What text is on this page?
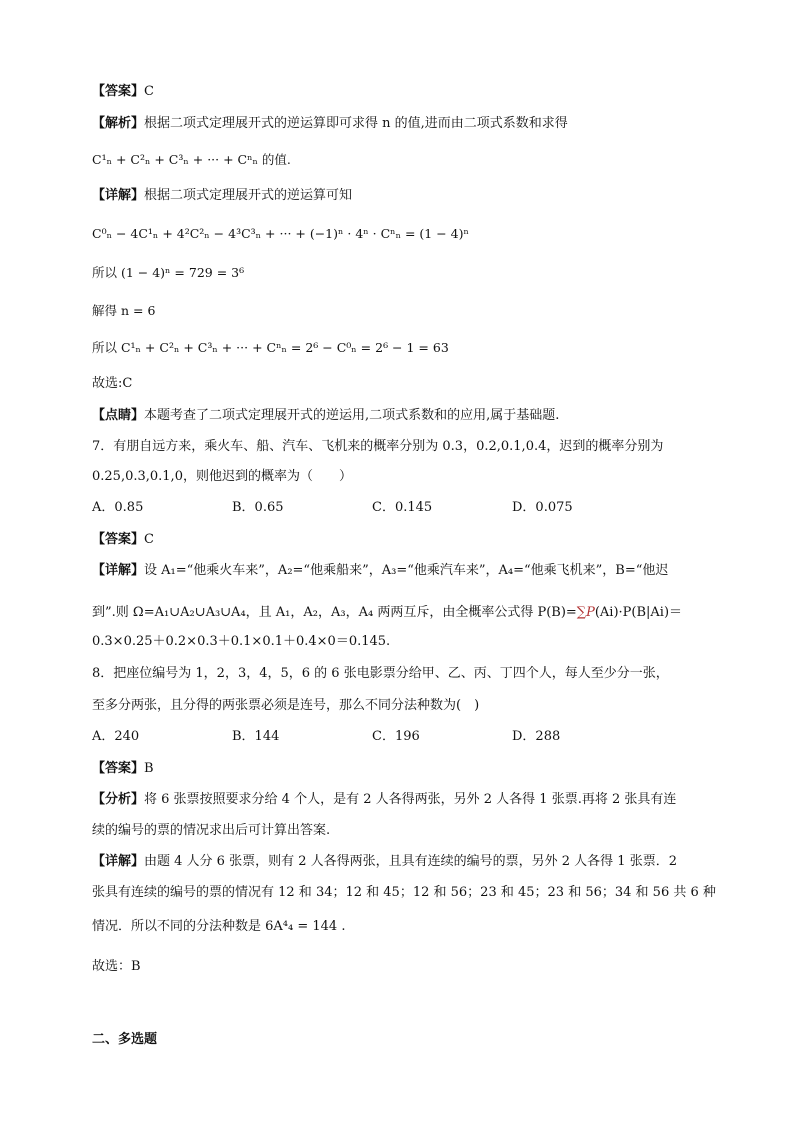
【答案】C
【解析】根据二项式定理展开式的逆运算即可求得 n 的值,进而由二项式系数和求得
C¹ₙ + C²ₙ + C³ₙ + ··· + Cⁿₙ 的值.
【详解】根据二项式定理展开式的逆运算可知
C⁰ₙ − 4C¹ₙ + 4²C²ₙ − 4³C³ₙ + ··· + (−1)ⁿ · 4ⁿ · Cⁿₙ = (1 − 4)ⁿ
所以 (1 − 4)ⁿ = 729 = 3⁶
解得 n = 6
所以 C¹ₙ + C²ₙ + C³ₙ + ··· + Cⁿₙ = 2⁶ − C⁰ₙ = 2⁶ − 1 = 63
故选:C
【点睛】本题考查了二项式定理展开式的逆运用,二项式系数和的应用,属于基础题.
7．有朋自远方来，乘火车、船、汽车、飞机来的概率分别为 0.3，0.2,0.1,0.4，迟到的概率分别为
0.25,0.3,0.1,0，则他迟到的概率为（　　）
A．0.85	B．0.65	C．0.145	D．0.075
【答案】C
【详解】设 A₁=“他乘火车来”，A₂=“他乘船来”，A₃=“他乘汽车来”，A₄=“他乘飞机来”，B=“他迟
到”.则 Ω=A₁∪A₂∪A₃∪A₄，且 A₁，A₂，A₃，A₄ 两两互斥，由全概率公式得 P(B)=∑P(Ai)·P(B|Ai)＝
0.3×0.25＋0.2×0.3＋0.1×0.1＋0.4×0＝0.145.
8．把座位编号为 1，2，3，4，5，6 的 6 张电影票分给甲、乙、丙、丁四个人，每人至少分一张，
至多分两张，且分得的两张票必须是连号，那么不同分法种数为(　)
A．240	B．144	C．196	D．288
【答案】B
【分析】将 6 张票按照要求分给 4 个人，是有 2 人各得两张，另外 2 人各得 1 张票.再将 2 张具有连
续的编号的票的情况求出后可计算出答案.
【详解】由题 4 人分 6 张票，则有 2 人各得两张，且具有连续的编号的票，另外 2 人各得 1 张票．2
张具有连续的编号的票的情况有 12 和 34；12 和 45；12 和 56；23 和 45；23 和 56；34 和 56 共 6 种
情况．所以不同的分法种数是 6A⁴₄ = 144 .
故选：B
二、多选题
